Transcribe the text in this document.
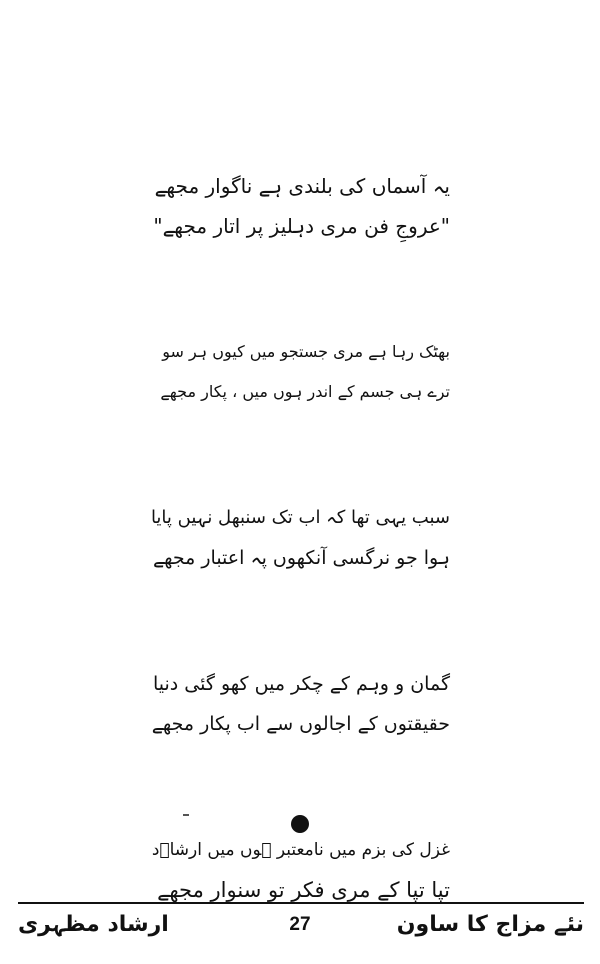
یہ آسماں کی بلندی ہے ناگوار مجھے
"عروجِ فن مری دہلیز پر اتار مجھے"
بھٹک رہا ہے مری جستجو میں کیوں ہر سو
ترے ہی جسم کے اندر ہوں میں ، پکار مجھے
سبب یہی تھا کہ اب تک سنبھل نہیں پایا
ہوا جو نرگسی آنکھوں پہ اعتبار مجھے
گمان و وہم کے چکر میں کھو گئی دنیا
حقیقتوں کے اجالوں سے اب پکار مجھے
غزل کی بزم میں نامعتبر ہوں میں ارشاؔد
تپا تپا کے مری فکر تو سنوار مجھے
ارشاد مظہری	27	نئے مزاج کا ساون
